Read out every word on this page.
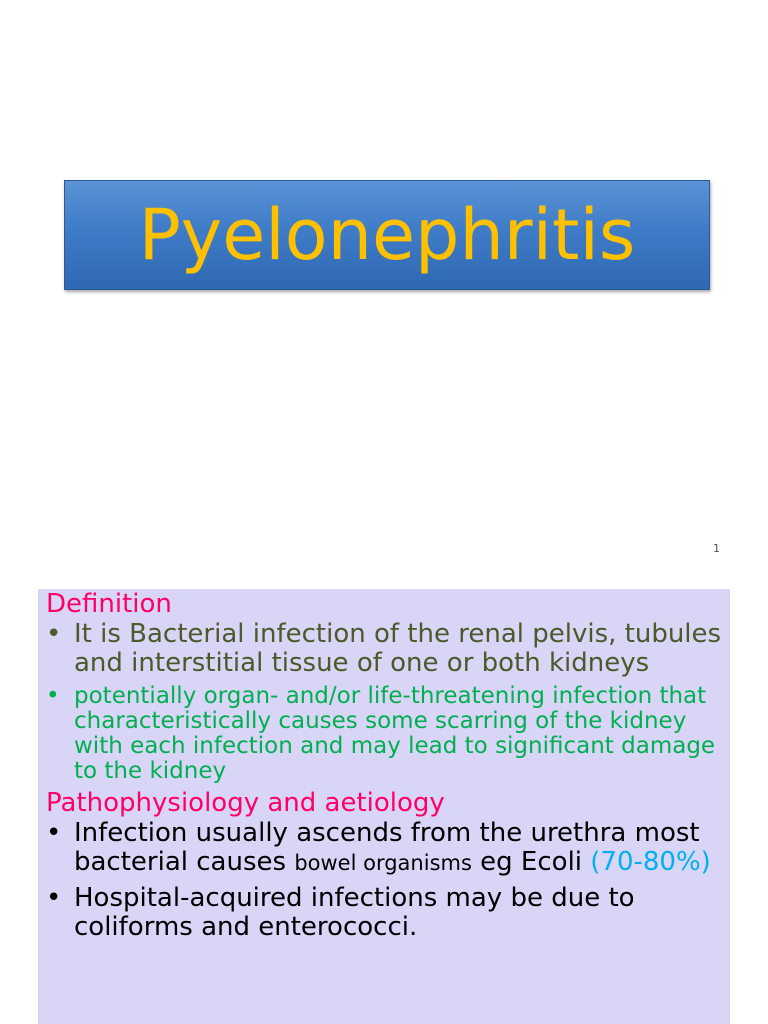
Pyelonephritis
1

Definition

• It is Bacterial infection of the renal pelvis, tubules and interstitial tissue of one or both kidneys
• potentially organ- and/or life-threatening infection that characteristically causes some scarring of the kidney with each infection and may lead to significant damage to the kidney

Pathophysiology and aetiology

• Infection usually ascends from the urethra most bacterial causes bowel organisms eg Ecoli (70-80%)
• Hospital-acquired infections may be due to coliforms and enterococci.
